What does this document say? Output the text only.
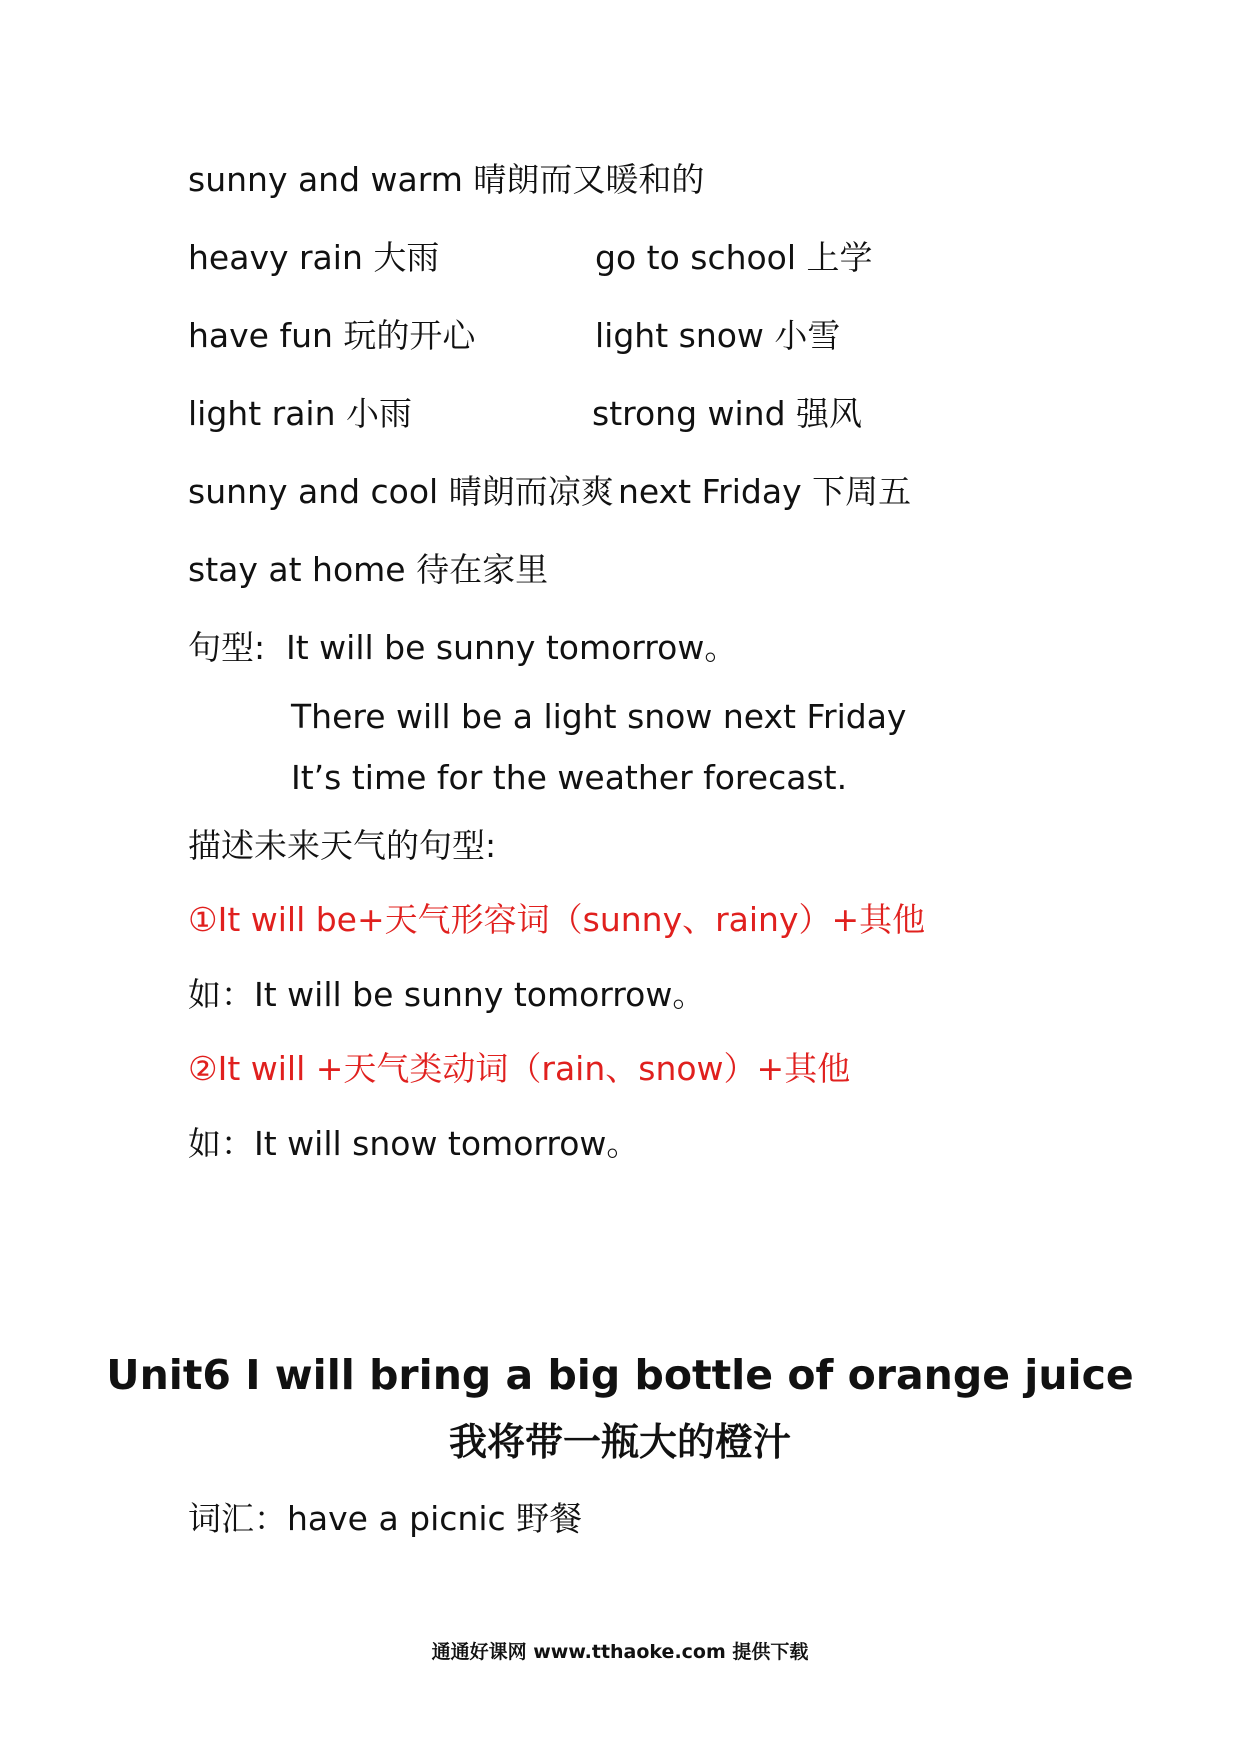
sunny and warm 晴朗而又暖和的
heavy rain 大雨	go to school 上学
have fun 玩的开心	light snow 小雪
light rain 小雨	strong wind 强风
sunny and cool 晴朗而凉爽 next Friday 下周五
stay at home 待在家里
句型: It will be sunny tomorrow。
There will be a light snow next Friday
It’s time for the weather forecast.
描述未来天气的句型:
①It will be+天气形容词（sunny、rainy）+其他
如：It will be sunny tomorrow。
②It will +天气类动词（rain、snow）+其他
如：It will snow tomorrow。
Unit6 I will bring a big bottle of orange juice
我将带一瓶大的橙汁
词汇：have a picnic 野餐
通通好课网 www.tthaoke.com 提供下载
